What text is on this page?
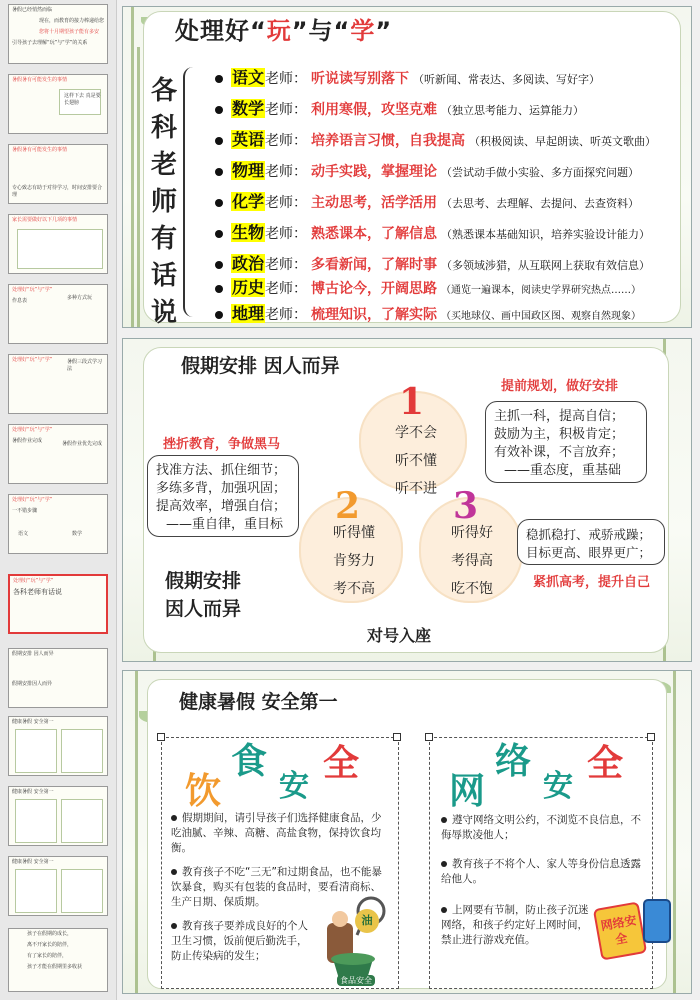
暑假已经悄然而临
现在，而教育的接力棒递给您
您将十月期望孩子能有多安
引导孩子去理解“玩”与“学”的关系
暑假暑有可能发生的事情
这样下去 真是要长翅膀
暑假暑有可能发生的事情
专心致志有助于对待学习，时间安排要合理
家长需要做好以下几项的事情
处理好“玩”与“学”
作息表	多种方式玩
处理好“玩”与“学”	暑假三段式学习法
处理好“玩”与“学”
暑假作业完成	暑假作业优先完成
处理好“玩”与“学”
一不错步骤
语文	数学
处理好“玩”与“学”
各科老师有话说
假期安排 因人而异
假期安排因人而异
健康暑假 安全第一
健康暑假 安全第一
健康暑假 安全第一
孩子在假期的成长，
离不开家长的陪伴，
有了家长的陪伴，
孩子才能在假期里多收获
处理好“玩”与“学”
各
科
老
师
有
话
说
语文老师： 听说读写别落下 （听新闻、常表达、多阅读、写好字）
数学老师： 利用寒假，攻坚克难 （独立思考能力、运算能力）
英语老师： 培养语言习惯，自我提高 （积极阅读、早起朗读、听英文歌曲）
物理老师： 动手实践，掌握理论 （尝试动手做小实验、多方面探究问题）
化学老师： 主动思考，活学活用 （去思考、去理解、去提问、去查资料）
生物老师： 熟悉课本，了解信息 （熟悉课本基础知识，培养实验设计能力）
政治老师： 多看新闻，了解时事 （多领域涉猎，从互联网上获取有效信息）
历史老师： 博古论今，开阔思路 （通览一遍课本，阅读史学界研究热点……）
地理老师： 梳理知识，了解实际 （买地球仪、画中国政区图、观察自然现象）
假期安排 因人而异
1
学不会
听不懂
听不进
2
听得懂
肯努力
考不高
3
听得好
考得高
吃不饱
提前规划，做好安排
主抓一科，提高自信；
鼓励为主，积极肯定；
有效补课，不言放弃；
——重态度，重基础
挫折教育，争做黑马
找准方法、抓住细节；
多练多背，加强巩固；
提高效率，增强自信；
——重自律，重目标
稳抓稳打、戒骄戒躁；
目标更高、眼界更广；
紧抓高考，提升自己
假期安排
因人而异
对号入座
健康暑假 安全第一
饮
食
安
全
假期期间，请引导孩子们选择健康食品，少吃油腻、辛辣、高糖、高盐食物，保持饮食均衡。
教育孩子不吃“三无”和过期食品，也不能暴饮暴食，购买有包装的食品时，要看清商标、生产日期、保质期。
教育孩子要养成良好的个人卫生习惯，饭前便后勤洗手，防止传染病的发生；
油
食品安全
网
络
安
全
遵守网络文明公约，不浏览不良信息，不侮辱欺凌他人；
教育孩子不将个人、家人等身份信息透露给他人。
上网要有节制，防止孩子沉迷网络，和孩子约定好上网时间，禁止进行游戏充值。
网络安全
